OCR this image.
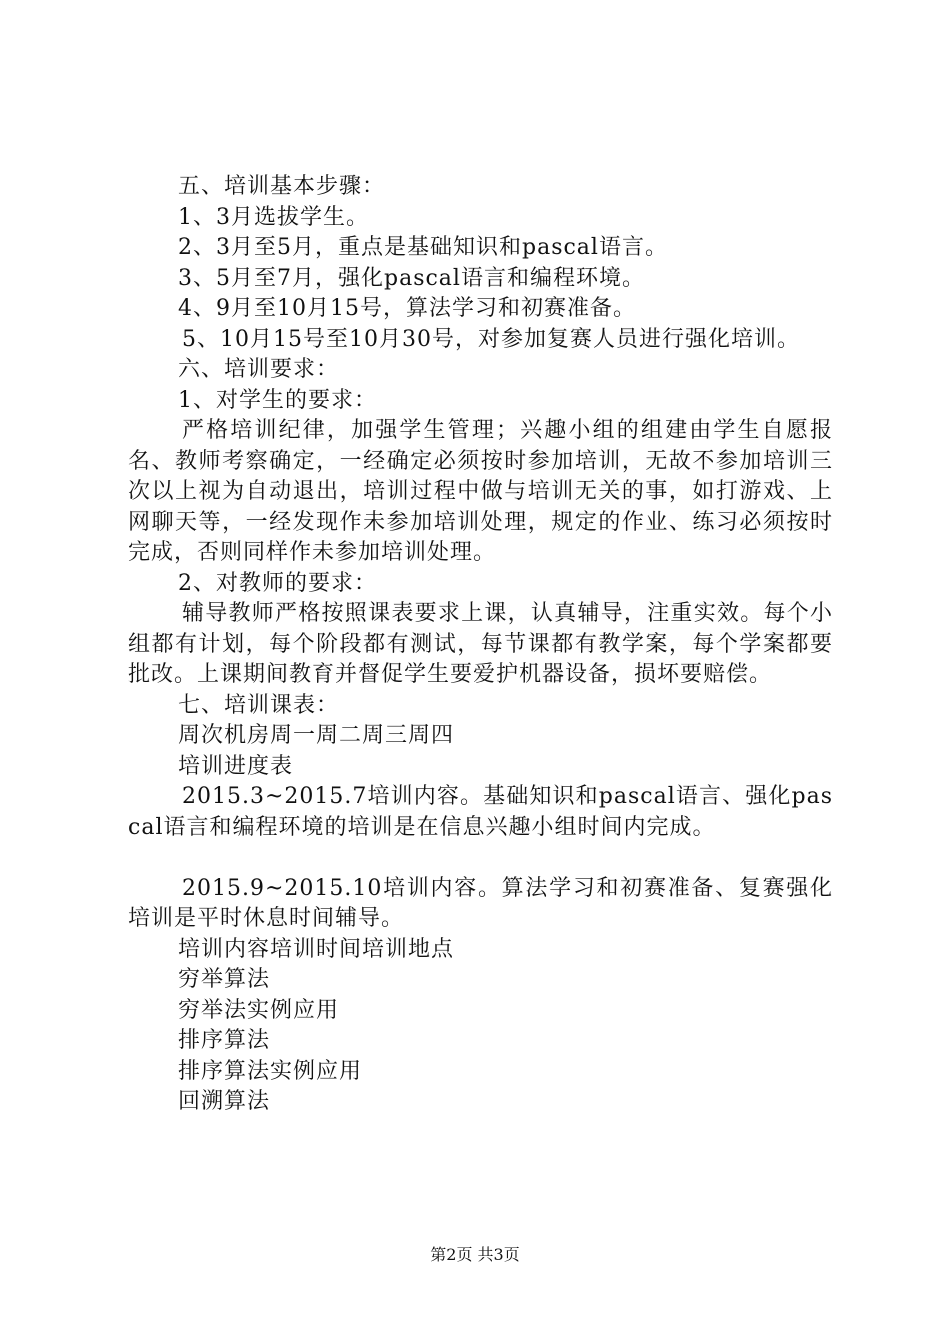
五、培训基本步骤：
1、3月选拔学生。
2、3月至5月，重点是基础知识和pascal语言。
3、5月至7月，强化pascal语言和编程环境。
4、9月至10月15号，算法学习和初赛准备。
5、10月15号至10月30号，对参加复赛人员进行强化培训。
六、培训要求：
1、对学生的要求：
严格培训纪律，加强学生管理；兴趣小组的组建由学生自愿报名、教师考察确定，一经确定必须按时参加培训，无故不参加培训三次以上视为自动退出，培训过程中做与培训无关的事，如打游戏、上网聊天等，一经发现作未参加培训处理，规定的作业、练习必须按时完成，否则同样作未参加培训处理。
2、对教师的要求：
辅导教师严格按照课表要求上课，认真辅导，注重实效。每个小组都有计划，每个阶段都有测试，每节课都有教学案，每个学案都要批改。上课期间教育并督促学生要爱护机器设备，损坏要赔偿。
七、培训课表：
周次机房周一周二周三周四
培训进度表
2015.3~2015.7培训内容。基础知识和pascal语言、强化pascal语言和编程环境的培训是在信息兴趣小组时间内完成。
2015.9~2015.10培训内容。算法学习和初赛准备、复赛强化培训是平时休息时间辅导。
培训内容培训时间培训地点
穷举算法
穷举法实例应用
排序算法
排序算法实例应用
回溯算法
第2页 共3页
